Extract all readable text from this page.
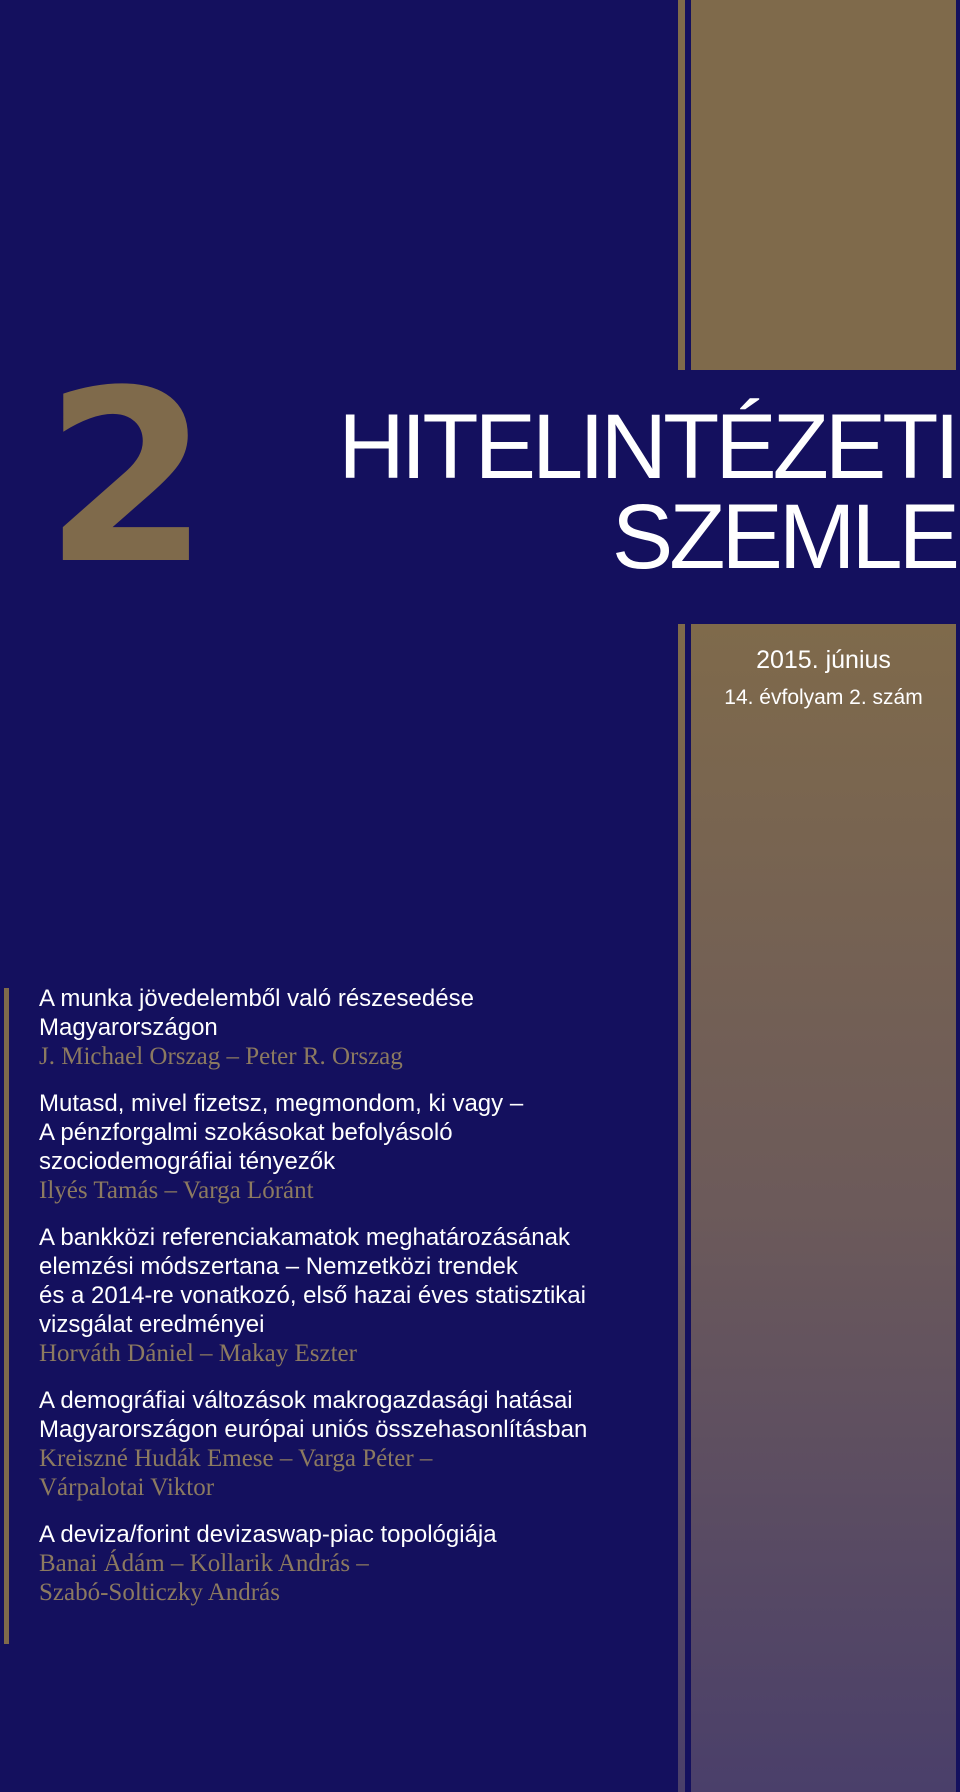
2	HITELINTÉZETI
SZEMLE
2015. június
14. évfolyam 2. szám
A munka jövedelemből való részesedése
Magyarországon
J. Michael Orszag – Peter R. Orszag
Mutasd, mivel fizetsz, megmondom, ki vagy –
A pénzforgalmi szokásokat befolyásoló
szociodemográfiai tényezők
Ilyés Tamás – Varga Lóránt
A bankközi referenciakamatok meghatározásának
elemzési módszertana – Nemzetközi trendek
és a 2014-re vonatkozó, első hazai éves statisztikai
vizsgálat eredményei
Horváth Dániel – Makay Eszter
A demográfiai változások makrogazdasági hatásai
Magyarországon európai uniós összehasonlításban
Kreiszné Hudák Emese – Varga Péter –
Várpalotai Viktor
A deviza/forint devizaswap-piac topológiája
Banai Ádám – Kollarik András –
Szabó-Solticzky András
